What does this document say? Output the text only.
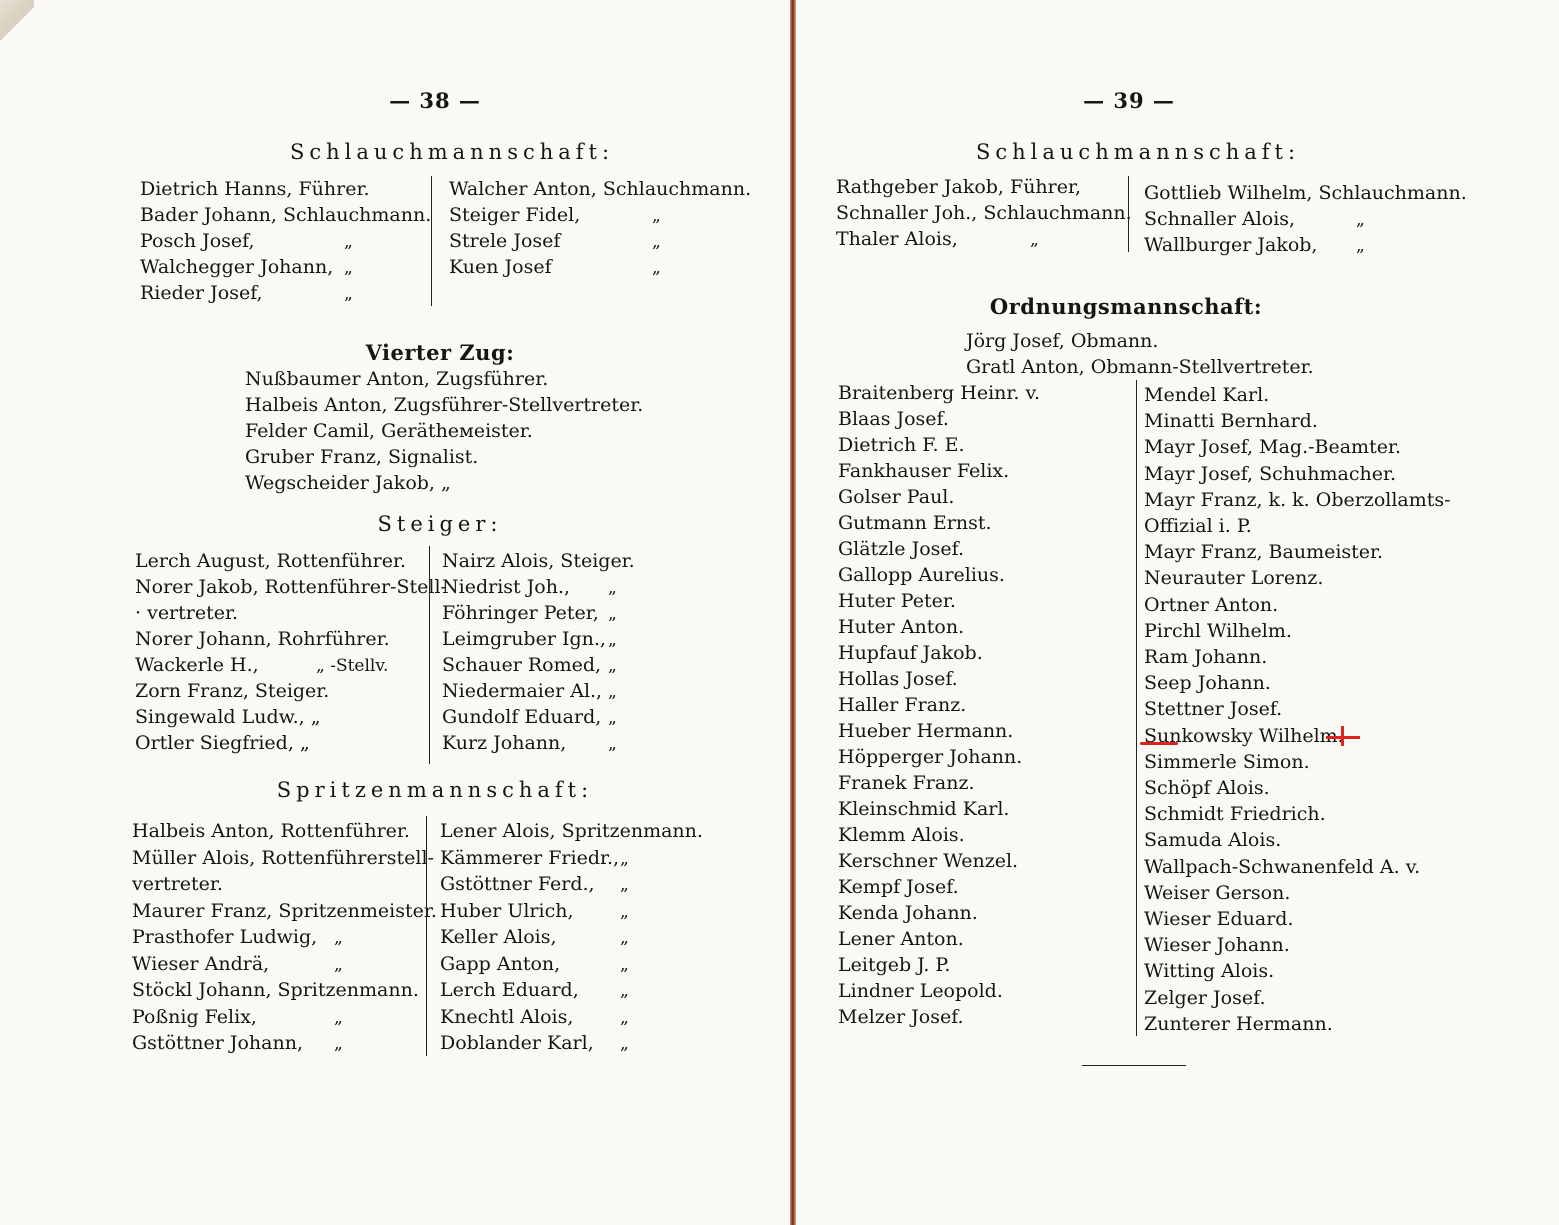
— 38 —
Schlauchmannschaft:
Dietrich Hanns, Führer.
Bader Johann, Schlauchmann.
Posch Josef,	„
Walchegger Johann, „
Rieder Josef,	„
Walcher Anton, Schlauchmann.
Steiger Fidel,	„
Strele Josef	„
Kuen Josef	„
Vierter Zug:
Nußbaumer Anton, Zugsführer.
Halbeis Anton, Zugsführer-Stellvertreter.
Felder Camil, Gerätheмeister.
Gruber Franz, Signalist.
Wegscheider Jakob, „
Steiger:
Lerch August, Rottenführer.
Norer Jakob, Rottenführer-Stell-
· vertreter.
Norer Johann, Rohrführer.
Wackerle H.,	„ -Stellv.
Zorn Franz, Steiger.
Singewald Ludw., „
Ortler Siegfried, „
Nairz Alois, Steiger.
Niedrist Joh., „
Föhringer Peter, „
Leimgruber Ign., „
Schauer Romed, „
Niedermaier Al., „
Gundolf Eduard, „
Kurz Johann, „
Spritzenmannschaft:
Halbeis Anton, Rottenführer.
Müller Alois, Rottenführerstell-
vertreter.
Maurer Franz, Spritzenmeister.
Prasthofer Ludwig, „
Wieser Andrä,	„
Stöckl Johann, Spritzenmann.
Poßnig Felix,	„
Gstöttner Johann, „
Lener Alois, Spritzenmann.
Kämmerer Friedr., „
Gstöttner Ferd., „
Huber Ulrich,	„
Keller Alois,	„
Gapp Anton,	„
Lerch Eduard, „
Knechtl Alois,	„
Doblander Karl, „
— 39 —
Schlauchmannschaft:
Rathgeber Jakob, Führer,
Schnaller Joh., Schlauchmann.
Thaler Alois,	„
Gottlieb Wilhelm, Schlauchmann.
Schnaller Alois,	„
Wallburger Jakob, „
Ordnungsmannschaft:
Jörg Josef, Obmann.
Gratl Anton, Obmann-Stellvertreter.
Braitenberg Heinr. v.
Blaas Josef.
Dietrich F. E.
Fankhauser Felix.
Golser Paul.
Gutmann Ernst.
Glätzle Josef.
Gallopp Aurelius.
Huter Peter.
Huter Anton.
Hupfauf Jakob.
Hollas Josef.
Haller Franz.
Hueber Hermann.
Höpperger Johann.
Franek Franz.
Kleinschmid Karl.
Klemm Alois.
Kerschner Wenzel.
Kempf Josef.
Kenda Johann.
Lener Anton.
Leitgeb J. P.
Lindner Leopold.
Melzer Josef.
Mendel Karl.
Minatti Bernhard.
Mayr Josef, Mag.-Beamter.
Mayr Josef, Schuhmacher.
Mayr Franz, k. k. Oberzollamts-
Offizial i. P.
Mayr Franz, Baumeister.
Neurauter Lorenz.
Ortner Anton.
Pirchl Wilhelm.
Ram Johann.
Seep Johann.
Stettner Josef.
Sunkowsky Wilhelm.
Simmerle Simon.
Schöpf Alois.
Schmidt Friedrich.
Samuda Alois.
Wallpach-Schwanenfeld A. v.
Weiser Gerson.
Wieser Eduard.
Wieser Johann.
Witting Alois.
Zelger Josef.
Zunterer Hermann.
